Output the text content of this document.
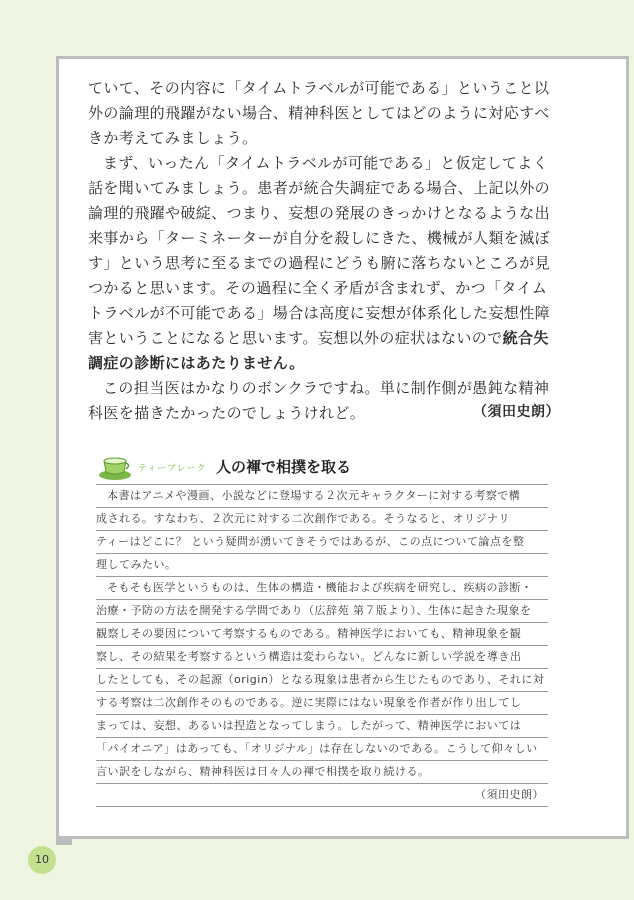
ていて、その内容に「タイムトラベルが可能である」ということ以外の論理的飛躍がない場合、精神科医としてはどのように対応すべきか考えてみましょう。

まず、いったん「タイムトラベルが可能である」と仮定してよく話を聞いてみましょう。患者が統合失調症である場合、上記以外の論理的飛躍や破綻、つまり、妄想の発展のきっかけとなるような出来事から「ターミネーターが自分を殺しにきた、機械が人類を滅ぼす」という思考に至るまでの過程にどうも腑に落ちないところが見つかると思います。その過程に全く矛盾が含まれず、かつ「タイムトラベルが不可能である」場合は高度に妄想が体系化した妄想性障害ということになると思います。妄想以外の症状はないので統合失調症の診断にはあたりません。

この担当医はかなりのボンクラですね。単に制作側が愚鈍な精神科医を描きたかったのでしょうけれど。	（須田史朗）
ティーブレーク 人の褌で相撲を取る
本書はアニメや漫画、小説などに登場する２次元キャラクターに対する考察で構
成される。すなわち、２次元に対する二次創作である。そうなると、オリジナリ
ティーはどこに？ という疑問が湧いてきそうではあるが、この点について論点を整
理してみたい。
そもそも医学というものは、生体の構造・機能および疾病を研究し、疾病の診断・
治療・予防の方法を開発する学問であり（広辞苑 第７版より）、生体に起きた現象を
観察しその要因について考察するものである。精神医学においても、精神現象を観
察し、その結果を考察するという構造は変わらない。どんなに新しい学説を導き出
したとしても、その起源（origin）となる現象は患者から生じたものであり、それに対
する考察は二次創作そのものである。逆に実際にはない現象を作者が作り出してし
まっては、妄想、あるいは捏造となってしまう。したがって、精神医学においては
「パイオニア」はあっても、「オリジナル」は存在しないのである。こうして仰々しい
言い訳をしながら、精神科医は日々人の褌で相撲を取り続ける。
（須田史朗）
10
